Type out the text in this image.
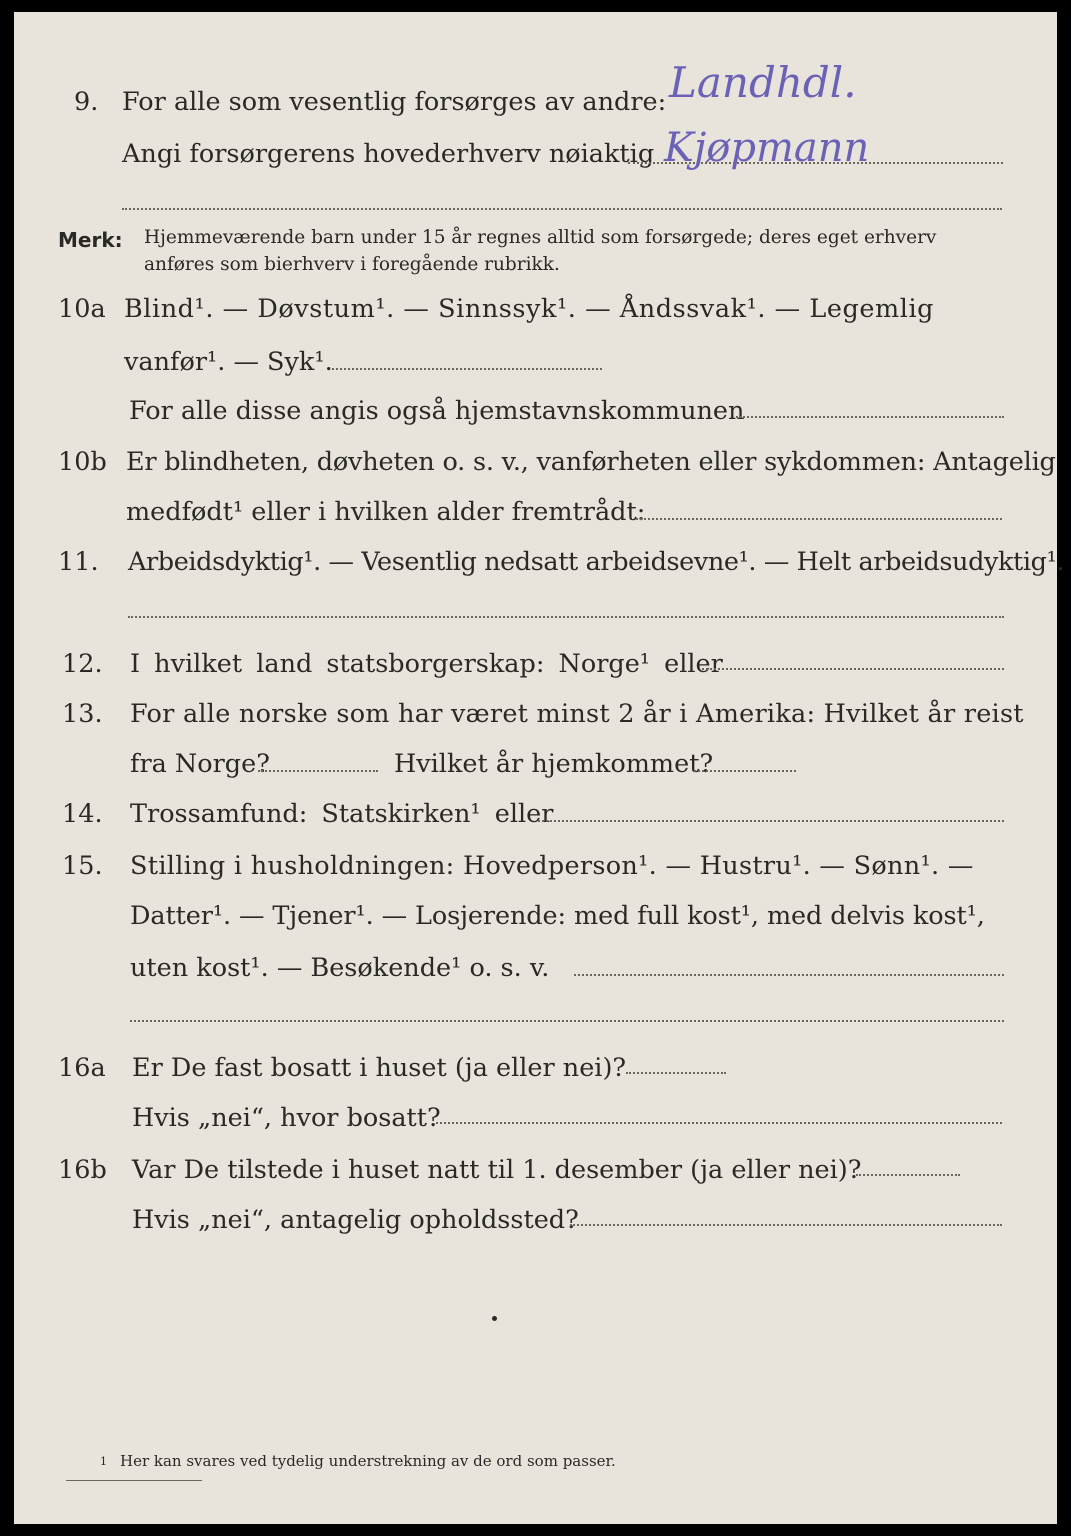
9. For alle som vesentlig forsørges av andre: Landhdl.
Angi forsørgerens hovederhverv nøiaktig Kjøpmann
Merk: Hjemmeværende barn under 15 år regnes alltid som forsørgede; deres eget erhverv
anføres som bierhverv i foregående rubrikk.
10a Blind¹. — Døvstum¹. — Sinnssyk¹. — Åndssvak¹. — Legemlig
vanfør¹. — Syk¹.
For alle disse angis også hjemstavnskommunen
10b Er blindheten, døvheten o. s. v., vanførheten eller sykdommen: Antagelig
medfødt¹ eller i hvilken alder fremtrådt:
11. Arbeidsdyktig¹. — Vesentlig nedsatt arbeidsevne¹. — Helt arbeidsudyktig¹.
12. I hvilket land statsborgerskap: Norge¹ eller
13. For alle norske som har været minst 2 år i Amerika: Hvilket år reist
fra Norge?	Hvilket år hjemkommet?
14. Trossamfund: Statskirken¹ eller
15. Stilling i husholdningen: Hovedperson¹. — Hustru¹. — Sønn¹. —
Datter¹. — Tjener¹. — Losjerende: med full kost¹, med delvis kost¹,
uten kost¹. — Besøkende¹ o. s. v.
16a Er De fast bosatt i huset (ja eller nei)?
Hvis „nei“, hvor bosatt?
16b Var De tilstede i huset natt til 1. desember (ja eller nei)?
Hvis „nei“, antagelig opholdssted?
1 Her kan svares ved tydelig understrekning av de ord som passer.
